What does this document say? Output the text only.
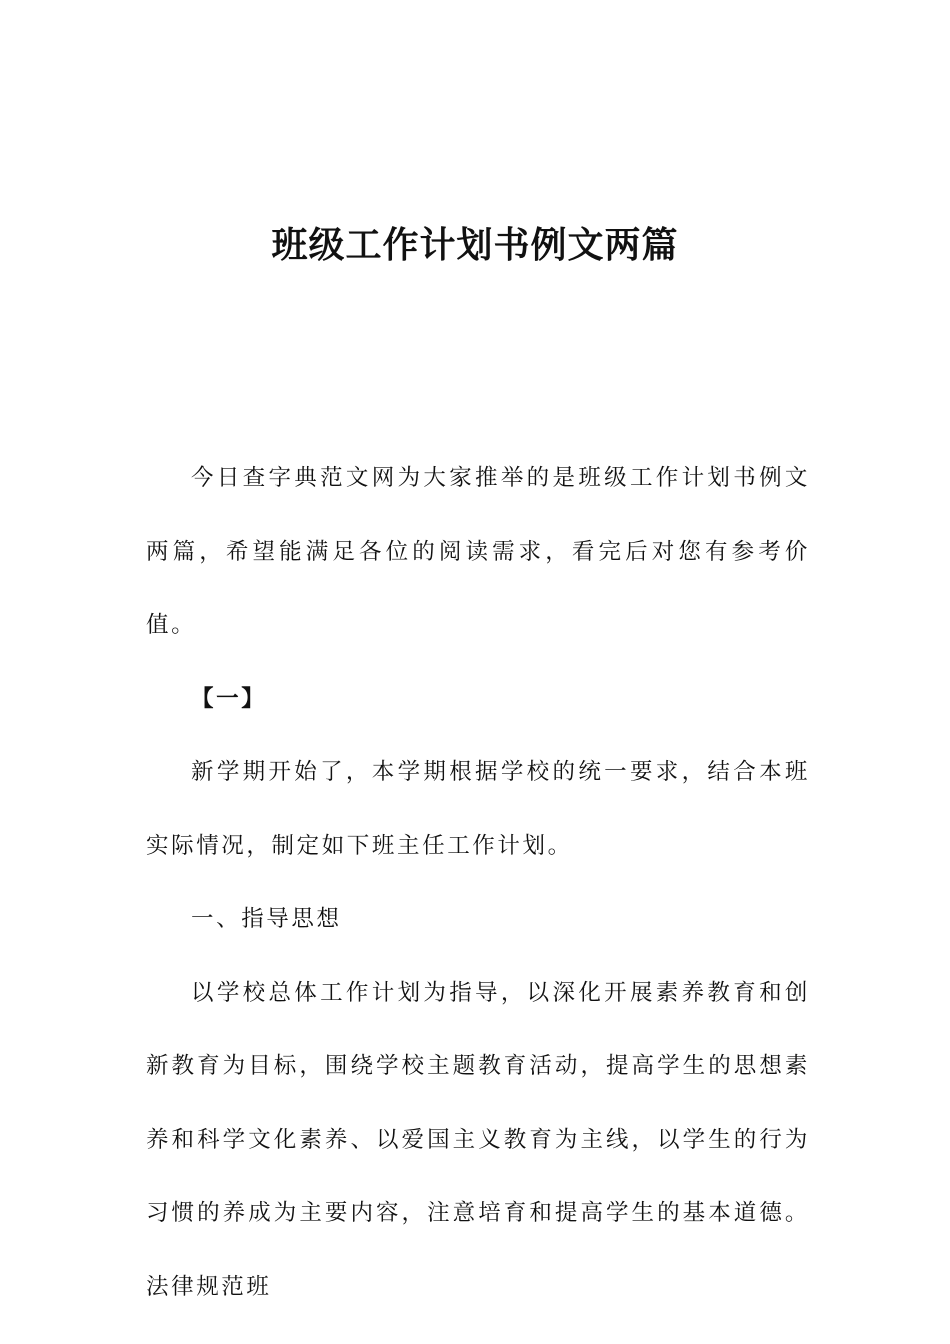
班级工作计划书例文两篇

今日查字典范文网为大家推举的是班级工作计划书例文两篇，希望能满足各位的阅读需求，看完后对您有参考价值。

【一】

新学期开始了，本学期根据学校的统一要求，结合本班实际情况，制定如下班主任工作计划。

一、指导思想

以学校总体工作计划为指导，以深化开展素养教育和创新教育为目标，围绕学校主题教育活动，提高学生的思想素养和科学文化素养、以爱国主义教育为主线，以学生的行为习惯的养成为主要内容，注意培育和提高学生的基本道德。法律规范班
